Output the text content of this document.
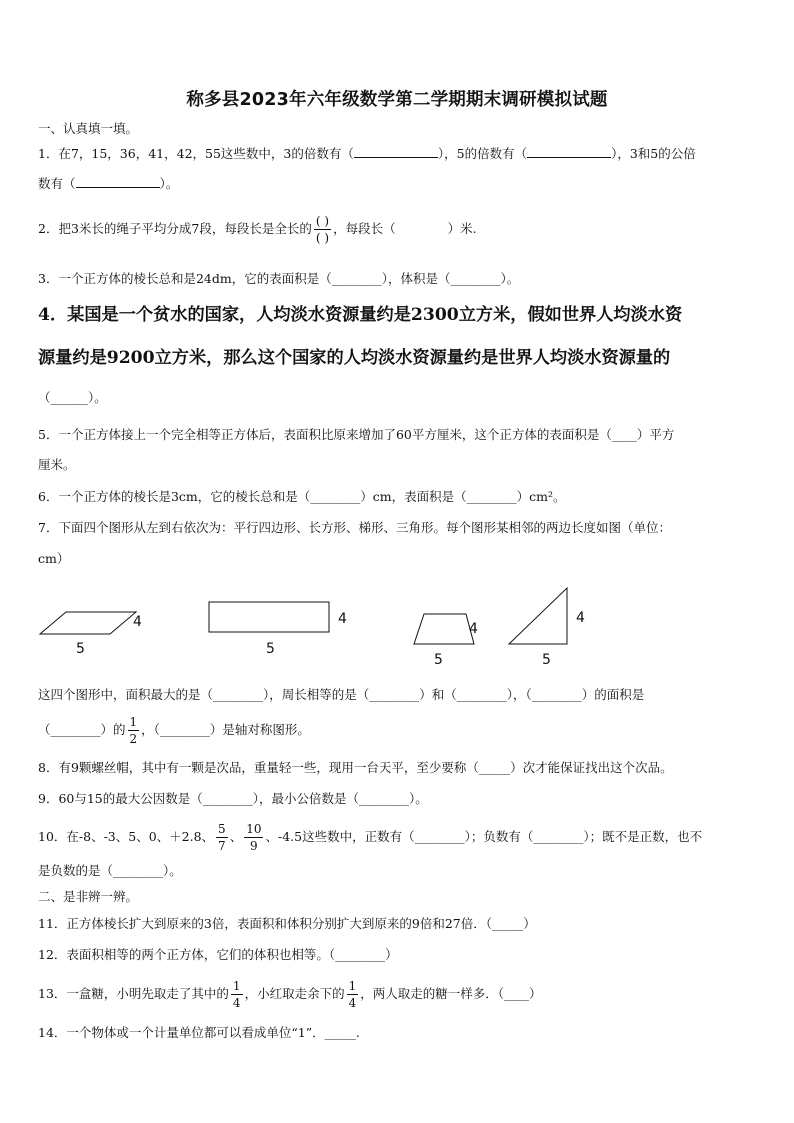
称多县2023年六年级数学第二学期期末调研模拟试题
一、认真填一填。
1．在7，15，36，41，42，55这些数中，3的倍数有（	），5的倍数有（	），3和5的公倍
数有（	）。
2．把3米长的绳子平均分成7段，每段长是全长的 $\frac{( )}{( )}$ ，每段长（	）米.
3．一个正方体的棱长总和是24dm，它的表面积是（________），体积是（________）。
4．某国是一个贫水的国家，人均淡水资源量约是2300立方米，假如世界人均淡水资
源量约是9200立方米，那么这个国家的人均淡水资源量约是世界人均淡水资源量的
（______）。
5．一个正方体接上一个完全相等正方体后，表面积比原来增加了60平方厘米，这个正方体的表面积是（____）平方
厘米。
6．一个正方体的棱长是3cm，它的棱长总和是（________）cm，表面积是（________）cm²。
7．下面四个图形从左到右依次为：平行四边形、长方形、梯形、三角形。每个图形某相邻的两边长度如图（单位：
cm）
4
5
4
5
4
5
4
5
这四个图形中，面积最大的是（________），周长相等的是（________）和（________），（________）的面积是
（________）的 $\frac{1}{2}$ ，（________）是轴对称图形。
8．有9颗螺丝帽，其中有一颗是次品，重量轻一些，现用一台天平，至少要称（_____）次才能保证找出这个次品。
9．60与15的最大公因数是（________），最小公倍数是（________）。
10．在-8、-3、5、0、＋2.8、 $\frac{5}{7}$ 、 $\frac{10}{9}$ 、-4.5这些数中，正数有（________）；负数有（________）；既不是正数，也不
是负数的是（________）。
二、是非辨一辨。
11．正方体棱长扩大到原来的3倍，表面积和体积分别扩大到原来的9倍和27倍．（_____）
12．表面积相等的两个正方体，它们的体积也相等。（________）
13．一盒糖，小明先取走了其中的 $\frac{1}{4}$ ，小红取走余下的 $\frac{1}{4}$ ，两人取走的糖一样多．（____）
14．一个物体或一个计量单位都可以看成单位“1”．_____.
